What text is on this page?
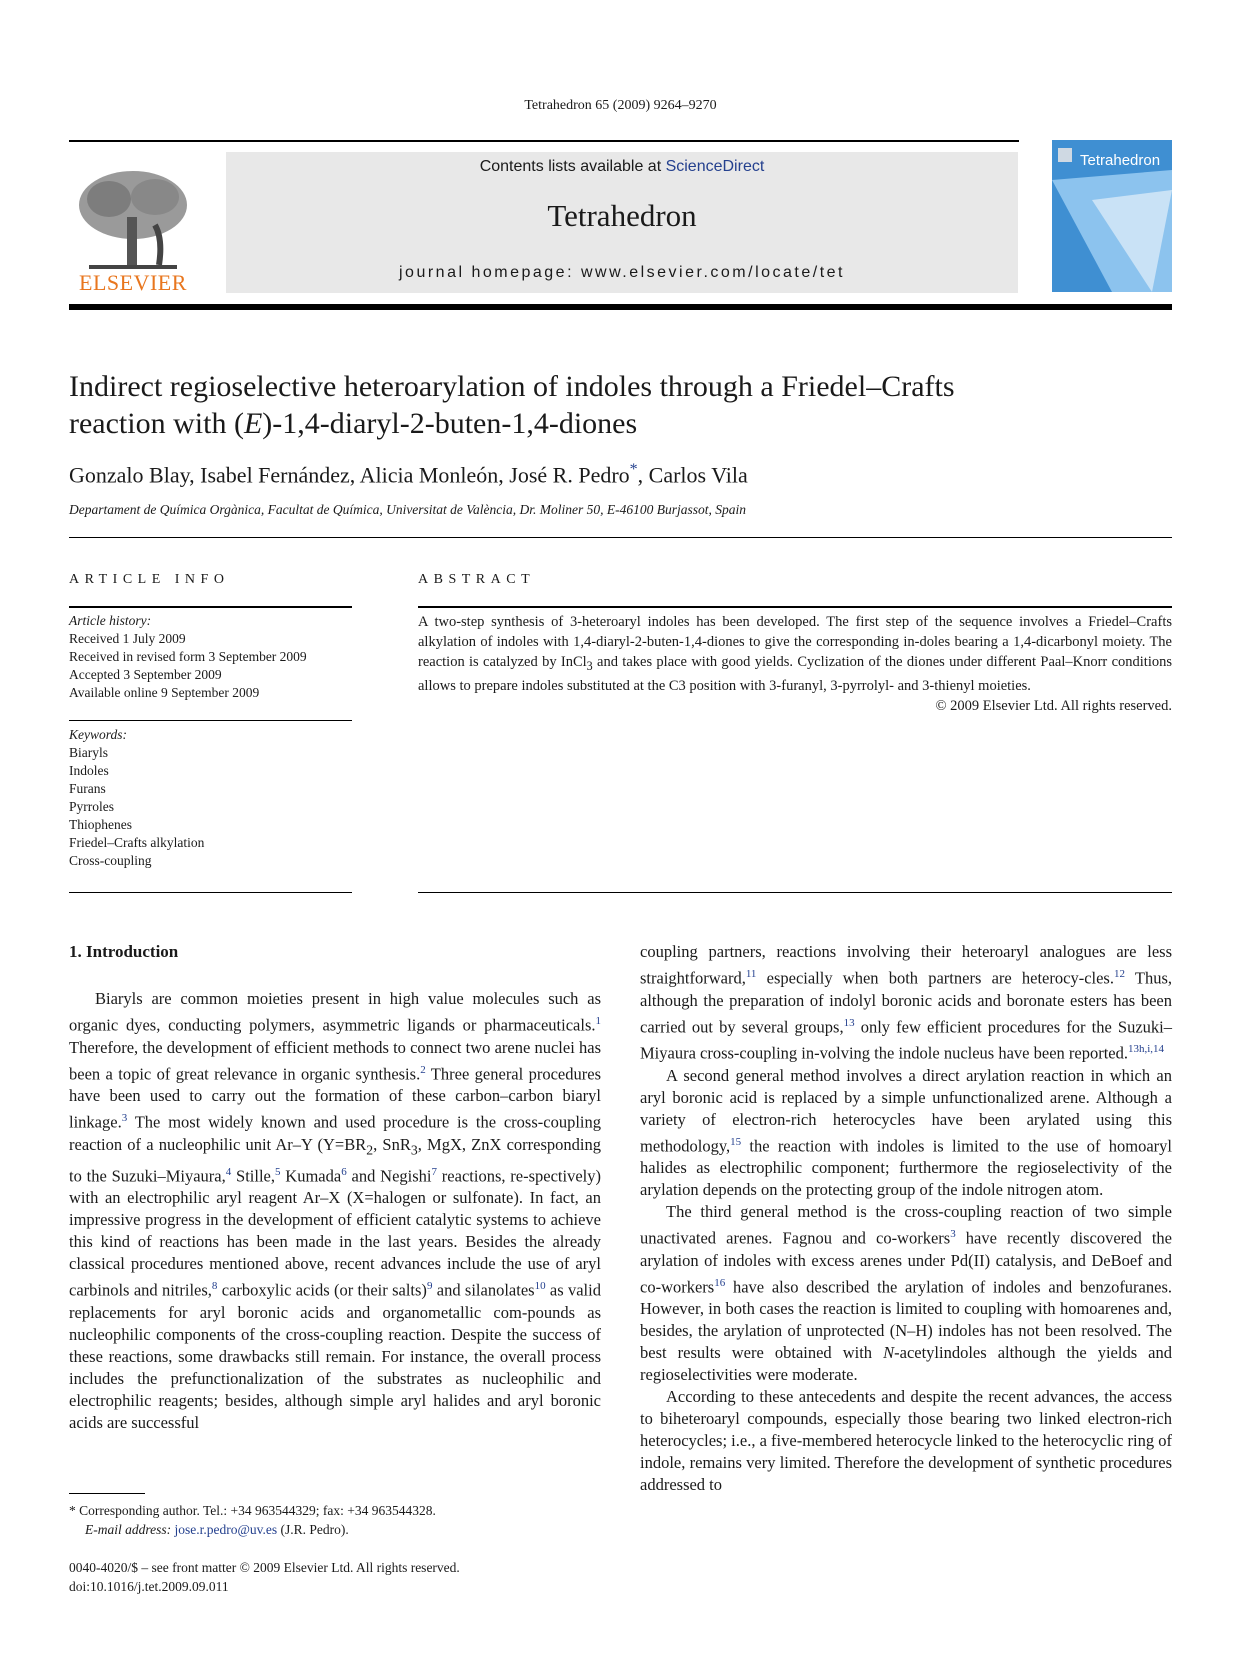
Tetrahedron 65 (2009) 9264–9270
ELSEVIER
Contents lists available at ScienceDirect
Tetrahedron
journal homepage: www.elsevier.com/locate/tet
Tetrahedron
Indirect regioselective heteroarylation of indoles through a Friedel–Crafts
reaction with (E)-1,4-diaryl-2-buten-1,4-diones
Gonzalo Blay, Isabel Fernández, Alicia Monleón, José R. Pedro*, Carlos Vila
Departament de Química Orgànica, Facultat de Química, Universitat de València, Dr. Moliner 50, E-46100 Burjassot, Spain
ARTICLE INFO	ABSTRACT
Article history:
Received 1 July 2009
Received in revised form 3 September 2009
Accepted 3 September 2009
Available online 9 September 2009
Keywords:
Biaryls
Indoles
Furans
Pyrroles
Thiophenes
Friedel–Crafts alkylation
Cross-coupling
A two-step synthesis of 3-heteroaryl indoles has been developed. The first step of the sequence involves a Friedel–Crafts alkylation of indoles with 1,4-diaryl-2-buten-1,4-diones to give the corresponding in-doles bearing a 1,4-dicarbonyl moiety. The reaction is catalyzed by InCl$_3$ and takes place with good yields. Cyclization of the diones under different Paal–Knorr conditions allows to prepare indoles substituted at the C3 position with 3-furanyl, 3-pyrrolyl- and 3-thienyl moieties.
© 2009 Elsevier Ltd. All rights reserved.
1. Introduction

Biaryls are common moieties present in high value molecules such as organic dyes, conducting polymers, asymmetric ligands or pharmaceuticals.$^1$ Therefore, the development of efficient methods to connect two arene nuclei has been a topic of great relevance in organic synthesis.$^2$ Three general procedures have been used to carry out the formation of these carbon–carbon biaryl linkage.$^3$ The most widely known and used procedure is the cross-coupling reaction of a nucleophilic unit Ar–Y ($Y=BR_2$, SnR$_3$, MgX, ZnX corresponding to the Suzuki–Miyaura,$^4$ Stille,$^5$ Kumada$^6$ and Negishi$^7$ reactions, re-spectively) with an electrophilic aryl reagent Ar–X (X=halogen or sulfonate). In fact, an impressive progress in the development of efficient catalytic systems to achieve this kind of reactions has been made in the last years. Besides the already classical procedures mentioned above, recent advances include the use of aryl carbinols and nitriles,$^8$ carboxylic acids (or their salts)$^9$ and silanolates$^{10}$ as valid replacements for aryl boronic acids and organometallic com-pounds as nucleophilic components of the cross-coupling reaction. Despite the success of these reactions, some drawbacks still remain. For instance, the overall process includes the prefunctionalization of the substrates as nucleophilic and electrophilic reagents; besides, although simple aryl halides and aryl boronic acids are successful

coupling partners, reactions involving their heteroaryl analogues are less straightforward,$^{11}$ especially when both partners are heterocy-cles.$^{12}$ Thus, although the preparation of indolyl boronic acids and boronate esters has been carried out by several groups,$^{13}$ only few efficient procedures for the Suzuki–Miyaura cross-coupling in-volving the indole nucleus have been reported.$^{13h,i,14}$

A second general method involves a direct arylation reaction in which an aryl boronic acid is replaced by a simple unfunctionalized arene. Although a variety of electron-rich heterocycles have been arylated using this methodology,$^{15}$ the reaction with indoles is limited to the use of homoaryl halides as electrophilic component; furthermore the regioselectivity of the arylation depends on the protecting group of the indole nitrogen atom.

The third general method is the cross-coupling reaction of two simple unactivated arenes. Fagnou and co-workers$^3$ have recently discovered the arylation of indoles with excess arenes under Pd(II) catalysis, and DeBoef and co-workers$^{16}$ have also described the arylation of indoles and benzofuranes. However, in both cases the reaction is limited to coupling with homoarenes and, besides, the arylation of unprotected (N–H) indoles has not been resolved. The best results were obtained with N-acetylindoles although the yields and regioselectivities were moderate.

According to these antecedents and despite the recent advances, the access to biheteroaryl compounds, especially those bearing two linked electron-rich heterocycles; i.e., a five-membered heterocycle linked to the heterocyclic ring of indole, remains very limited. Therefore the development of synthetic procedures addressed to

* Corresponding author. Tel.: +34 963544329; fax: +34 963544328.
E-mail address: jose.r.pedro@uv.es (J.R. Pedro).
0040-4020/$ – see front matter © 2009 Elsevier Ltd. All rights reserved.
doi:10.1016/j.tet.2009.09.011
